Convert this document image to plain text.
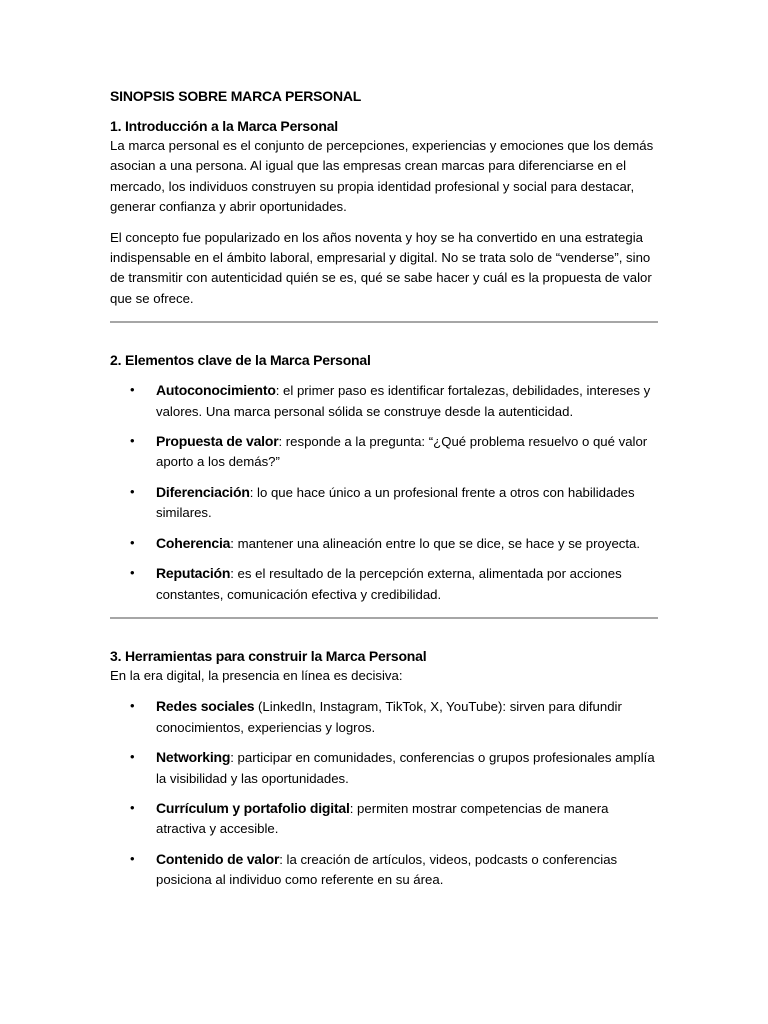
SINOPSIS SOBRE MARCA PERSONAL
1. Introducción a la Marca Personal

La marca personal es el conjunto de percepciones, experiencias y emociones que los demás asocian a una persona. Al igual que las empresas crean marcas para diferenciarse en el mercado, los individuos construyen su propia identidad profesional y social para destacar, generar confianza y abrir oportunidades.

El concepto fue popularizado en los años noventa y hoy se ha convertido en una estrategia indispensable en el ámbito laboral, empresarial y digital. No se trata solo de “venderse”, sino de transmitir con autenticidad quién se es, qué se sabe hacer y cuál es la propuesta de valor que se ofrece.

2. Elementos clave de la Marca Personal
• Autoconocimiento: el primer paso es identificar fortalezas, debilidades, intereses y valores. Una marca personal sólida se construye desde la autenticidad.
• Propuesta de valor: responde a la pregunta: “¿Qué problema resuelvo o qué valor aporto a los demás?”
• Diferenciación: lo que hace único a un profesional frente a otros con habilidades similares.
• Coherencia: mantener una alineación entre lo que se dice, se hace y se proyecta.
• Reputación: es el resultado de la percepción externa, alimentada por acciones constantes, comunicación efectiva y credibilidad.
3. Herramientas para construir la Marca Personal

En la era digital, la presencia en línea es decisiva:

• Redes sociales (LinkedIn, Instagram, TikTok, X, YouTube): sirven para difundir conocimientos, experiencias y logros.
• Networking: participar en comunidades, conferencias o grupos profesionales amplía la visibilidad y las oportunidades.
• Currículum y portafolio digital: permiten mostrar competencias de manera atractiva y accesible.
• Contenido de valor: la creación de artículos, videos, podcasts o conferencias posiciona al individuo como referente en su área.
